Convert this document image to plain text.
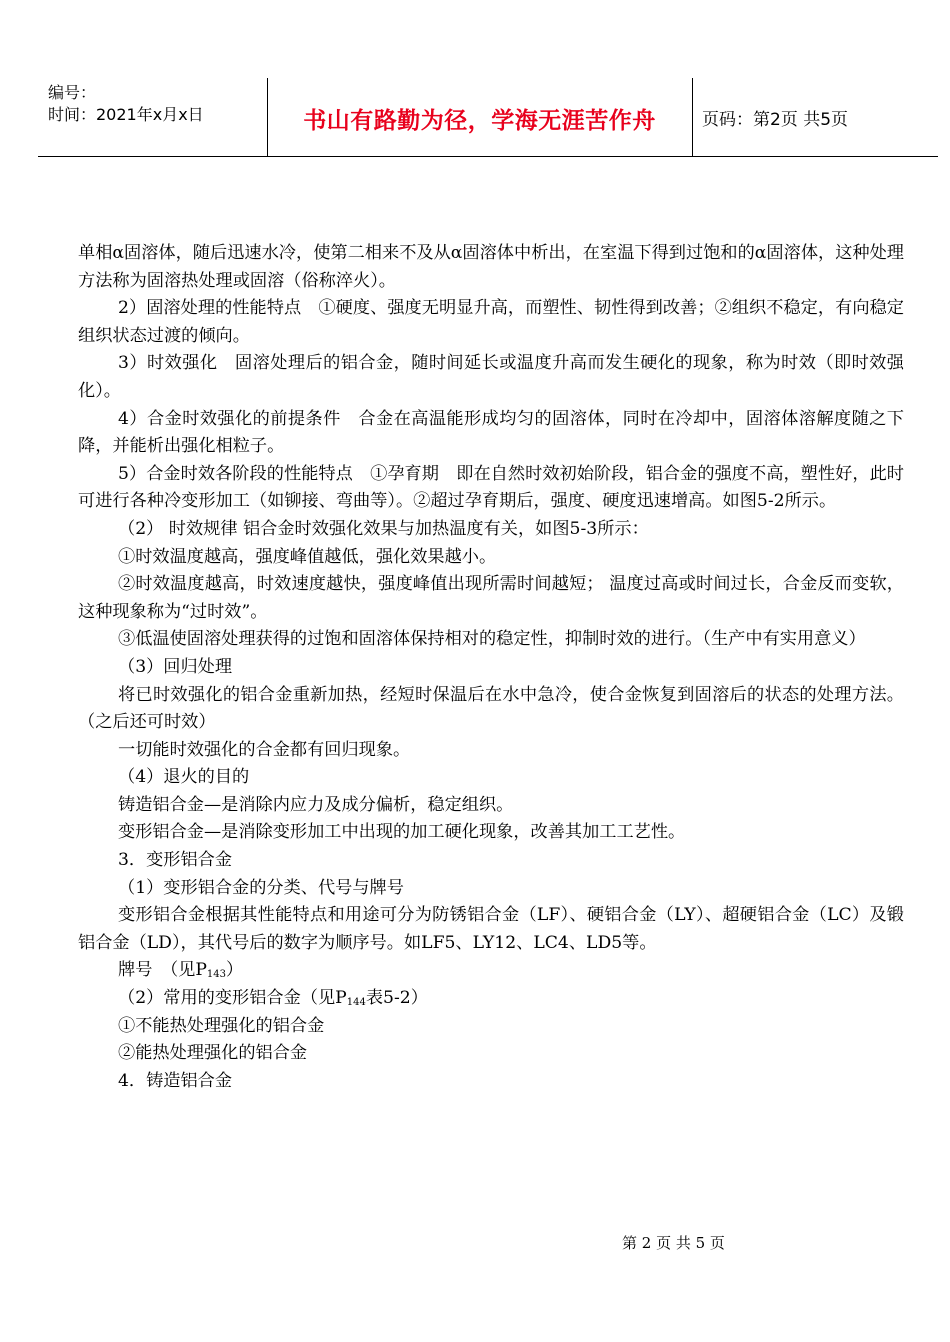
编号：
时间：2021年x月x日	书山有路勤为径，学海无涯苦作舟	页码：第2页 共5页

单相α固溶体，随后迅速水冷，使第二相来不及从α固溶体中析出，在室温下得到过饱和的α固溶体，这种处理方法称为固溶热处理或固溶（俗称淬火）。

2）固溶处理的性能特点　①硬度、强度无明显升高，而塑性、韧性得到改善；②组织不稳定，有向稳定组织状态过渡的倾向。

3）时效强化　固溶处理后的铝合金，随时间延长或温度升高而发生硬化的现象，称为时效（即时效强化）。

4）合金时效强化的前提条件　合金在高温能形成均匀的固溶体，同时在冷却中，固溶体溶解度随之下降，并能析出强化相粒子。

5）合金时效各阶段的性能特点　①孕育期　即在自然时效初始阶段，铝合金的强度不高，塑性好，此时可进行各种冷变形加工（如铆接、弯曲等）。②超过孕育期后，强度、硬度迅速增高。如图5-2所示。

（2） 时效规律 铝合金时效强化效果与加热温度有关，如图5-3所示：

①时效温度越高，强度峰值越低，强化效果越小。

②时效温度越高，时效速度越快，强度峰值出现所需时间越短； 温度过高或时间过长，合金反而变软，这种现象称为“过时效”。

③低温使固溶处理获得的过饱和固溶体保持相对的稳定性，抑制时效的进行。（生产中有实用意义）

（3）回归处理

将已时效强化的铝合金重新加热，经短时保温后在水中急冷，使合金恢复到固溶后的状态的处理方法。（之后还可时效）

一切能时效强化的合金都有回归现象。

（4）退火的目的

铸造铝合金—是消除内应力及成分偏析，稳定组织。

变形铝合金—是消除变形加工中出现的加工硬化现象，改善其加工工艺性。

3．变形铝合金

（1）变形铝合金的分类、代号与牌号

变形铝合金根据其性能特点和用途可分为防锈铝合金（LF）、硬铝合金（LY）、超硬铝合金（LC）及锻铝合金（LD），其代号后的数字为顺序号。如LF5、LY12、LC4、LD5等。

牌号　（见$P_{143}$）

（2）常用的变形铝合金（见$P_{144}$表5-2）

①不能热处理强化的铝合金

②能热处理强化的铝合金

4．铸造铝合金

第 2 页 共 5 页
